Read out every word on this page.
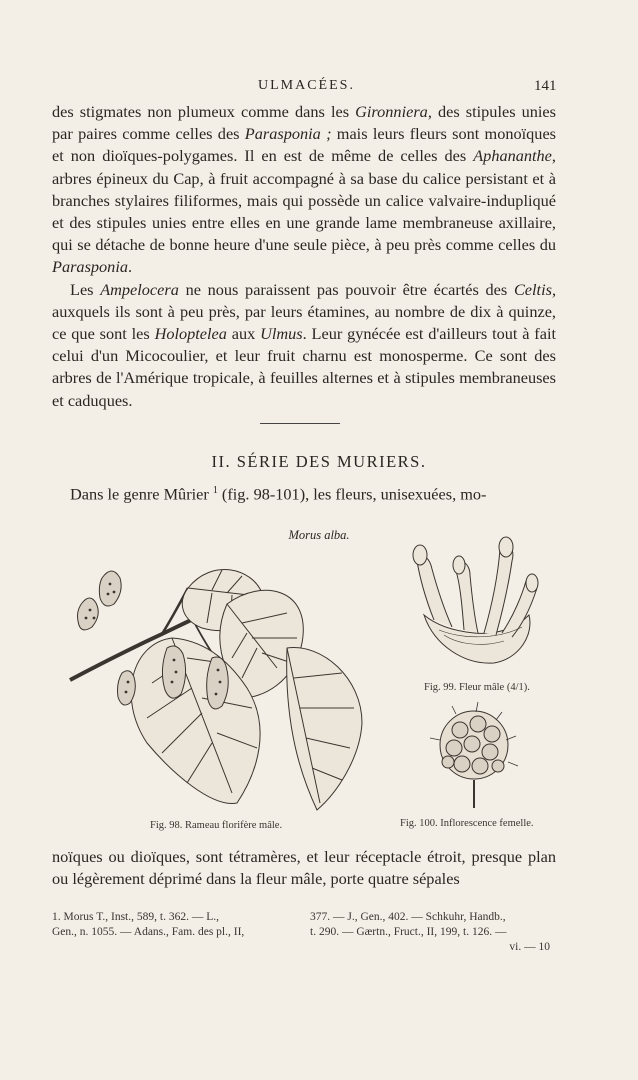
ULMACÉES.	141

des stigmates non plumeux comme dans les Gironniera, des stipules unies par paires comme celles des Parasponia ; mais leurs fleurs sont monoïques et non dioïques-polygames. Il en est de même de celles des Aphananthe, arbres épineux du Cap, à fruit accompagné à sa base du calice persistant et à branches stylaires filiformes, mais qui possède un calice valvaire-indupliqué et des stipules unies entre elles en une grande lame membraneuse axillaire, qui se détache de bonne heure d'une seule pièce, à peu près comme celles du Parasponia.

Les Ampelocera ne nous paraissent pas pouvoir être écartés des Celtis, auxquels ils sont à peu près, par leurs étamines, au nombre de dix à quinze, ce que sont les Holoptelea aux Ulmus. Leur gynécée est d'ailleurs tout à fait celui d'un Micocoulier, et leur fruit charnu est monosperme. Ce sont des arbres de l'Amérique tropicale, à feuilles alternes et à stipules membraneuses et caduques.

II. SÉRIE DES MURIERS.

Dans le genre Mûrier $^1$ (fig. 98-101), les fleurs, unisexuées, mo-

Morus alba.
Fig. 98. Rameau florifère mâle.
Fig. 99. Fleur mâle (4/1).
Fig. 100. Inflorescence femelle.

noïques ou dioïques, sont tétramères, et leur réceptacle étroit, presque plan ou légèrement déprimé dans la fleur mâle, porte quatre sépales

1. Morus T., Inst., 589, t. 362. — L.,
Gen., n. 1055. — Adans., Fam. des pl., II,
377. — J., Gen., 402. — Schkuhr, Handb.,
t. 290. — Gærtn., Fruct., II, 199, t. 126. —
vi. — 10
